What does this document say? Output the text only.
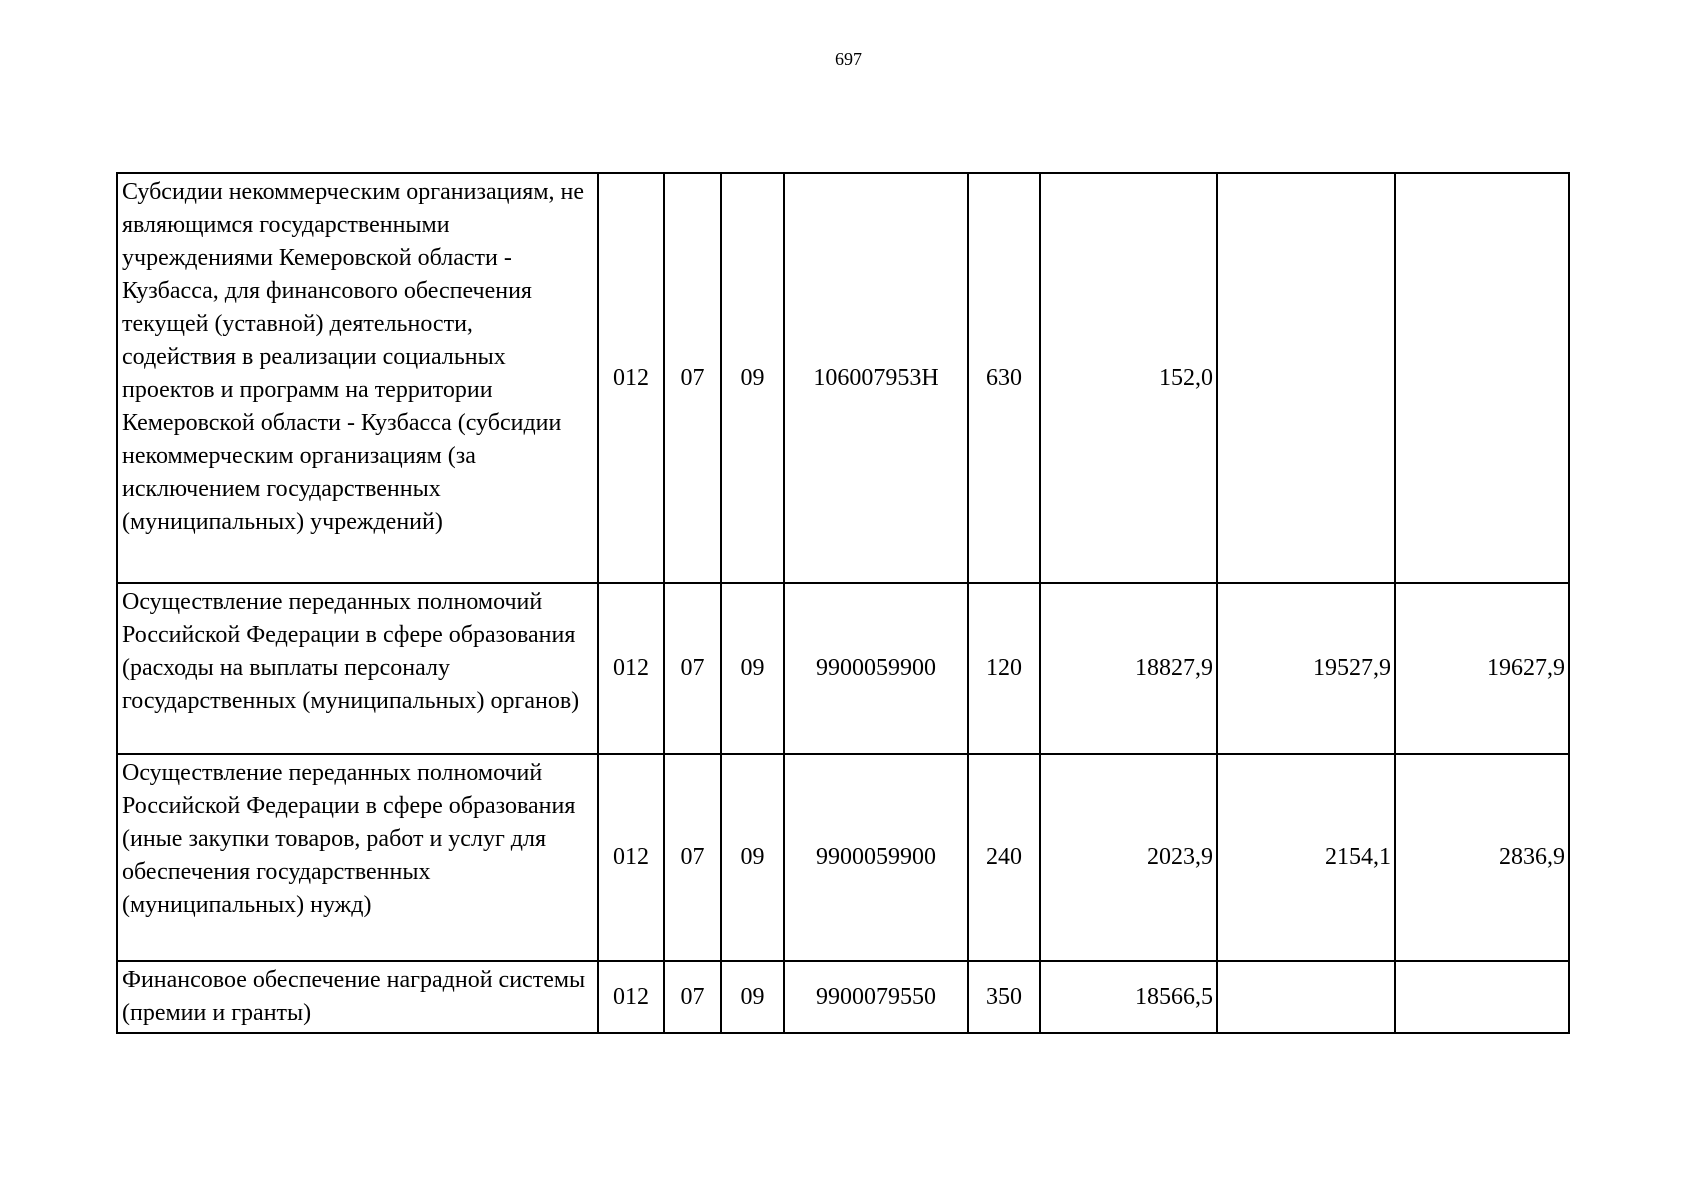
697
Субсидии некоммерческим организациям, не являющимся государственными учреждениями Кемеровской области - Кузбасса, для финансового обеспечения текущей (уставной) деятельности, содействия в реализации социальных проектов и программ на территории Кемеровской области - Кузбасса (субсидии некоммерческим организациям (за исключением государственных (муниципальных) учреждений)	012	07	09	106007953Н	630	152,0		
Осуществление переданных полномочий Российской Федерации в сфере образования (расходы на выплаты персоналу государственных (муниципальных) органов)	012	07	09	9900059900	120	18827,9	19527,9	19627,9
Осуществление переданных полномочий Российской Федерации в сфере образования (иные закупки товаров, работ и услуг для обеспечения государственных (муниципальных) нужд)	012	07	09	9900059900	240	2023,9	2154,1	2836,9
Финансовое обеспечение наградной системы (премии и гранты)	012	07	09	9900079550	350	18566,5		
